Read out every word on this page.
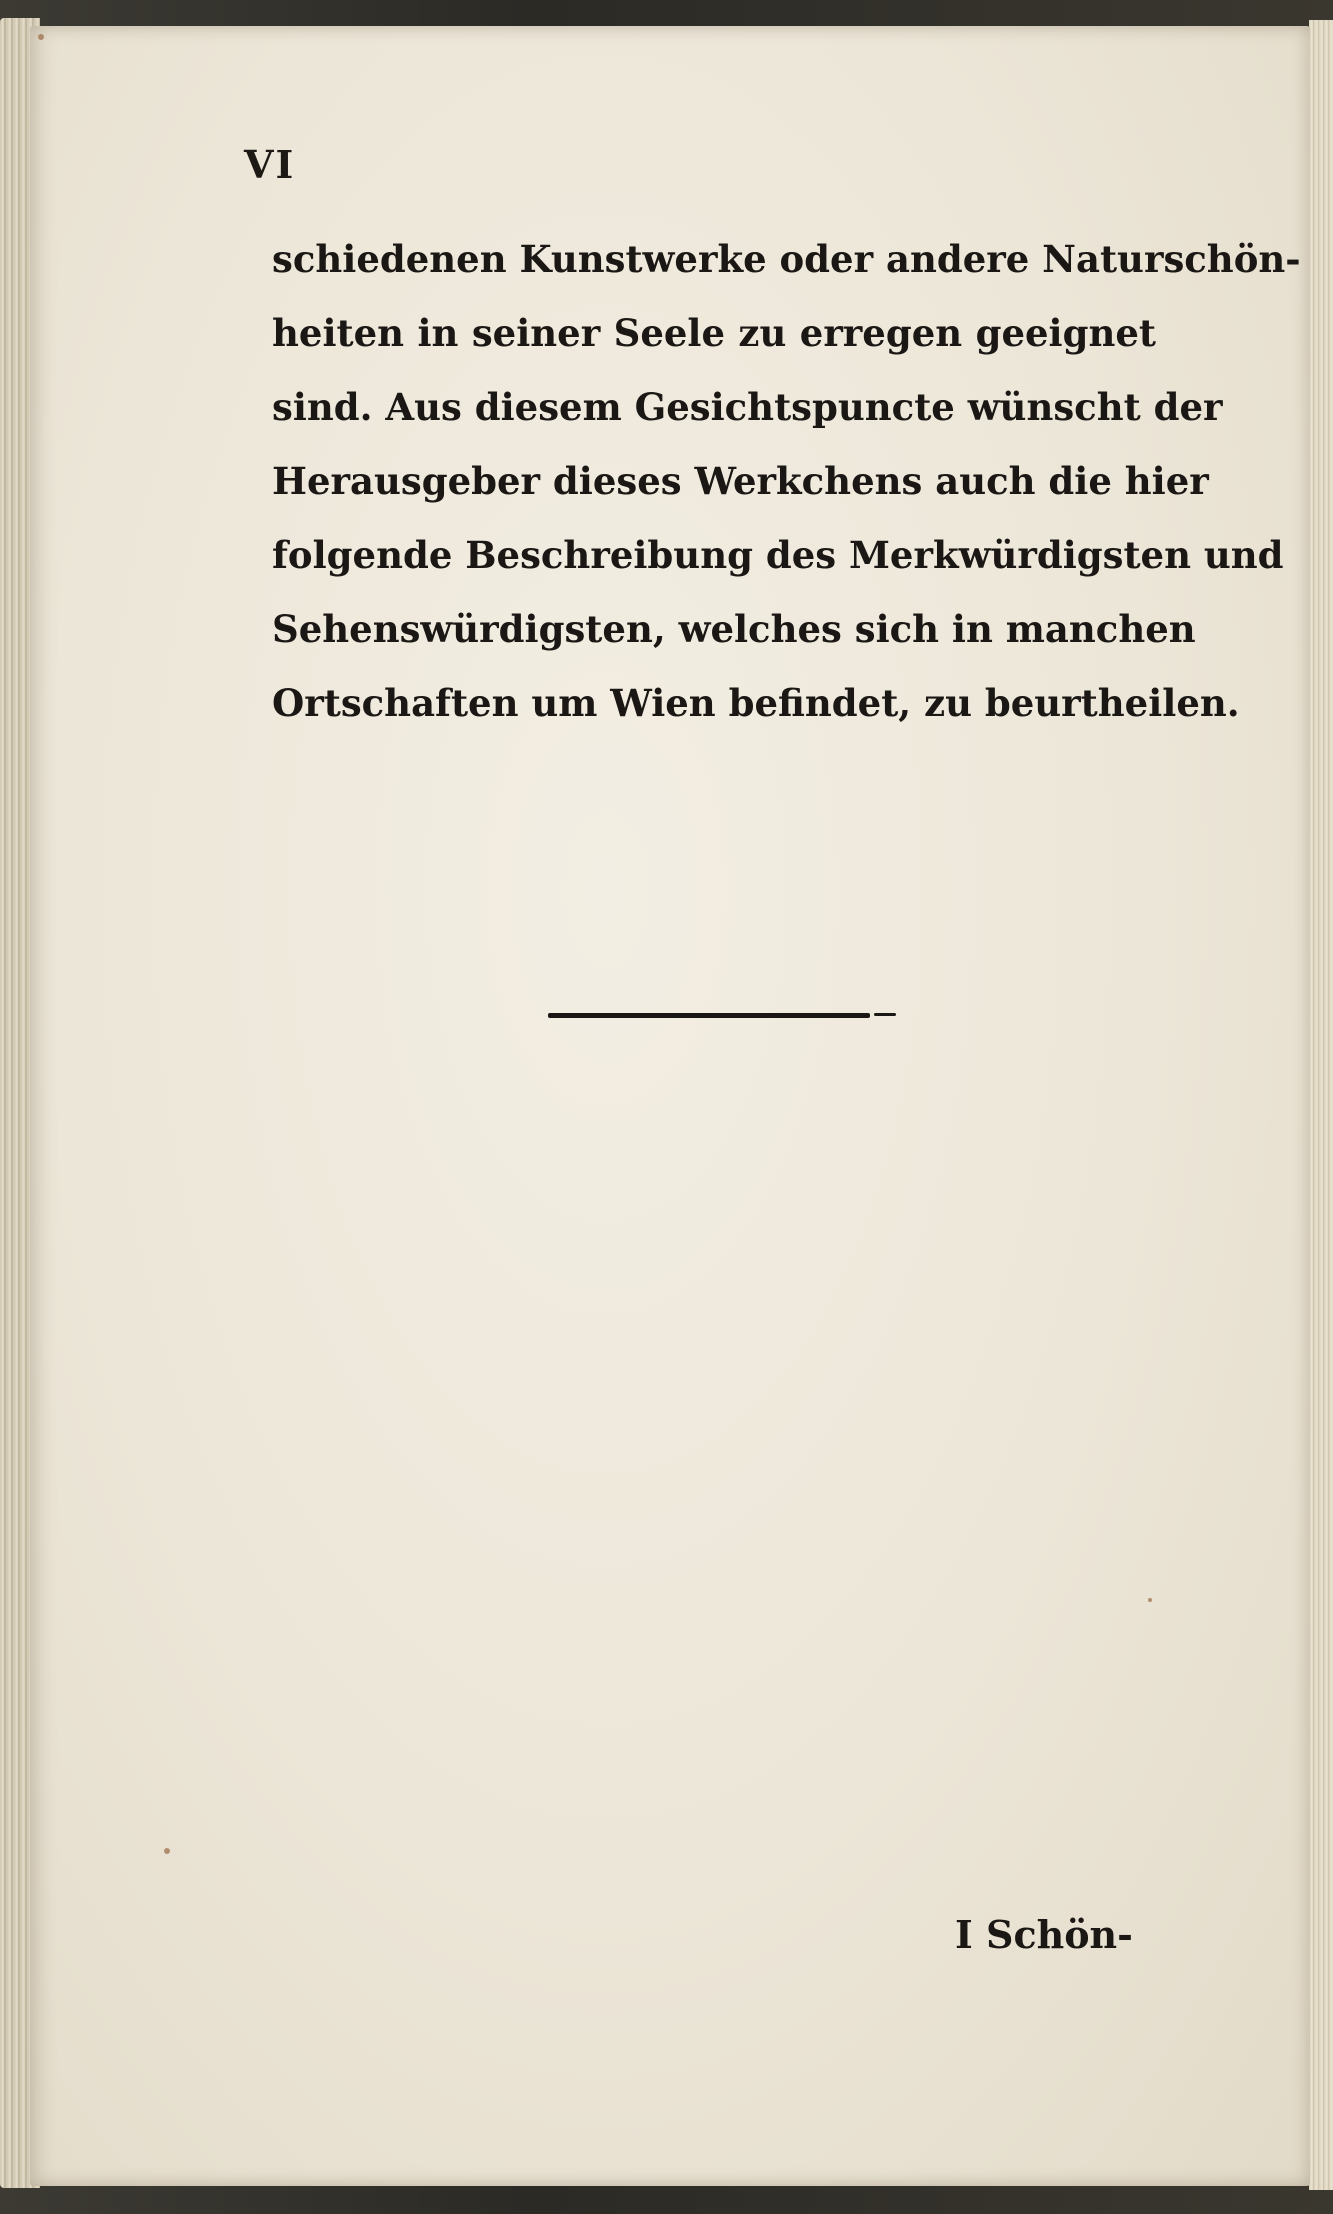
VI

schiedenen Kunstwerke oder andere Naturschön-
heiten in seiner Seele zu erregen geeignet
sind. Aus diesem Gesichtspuncte wünscht der
Herausgeber dieses Werkchens auch die hier
folgende Beschreibung des Merkwürdigsten und
Sehenswürdigsten, welches sich in manchen
Ortschaften um Wien befindet, zu beurtheilen.

I Schön-
